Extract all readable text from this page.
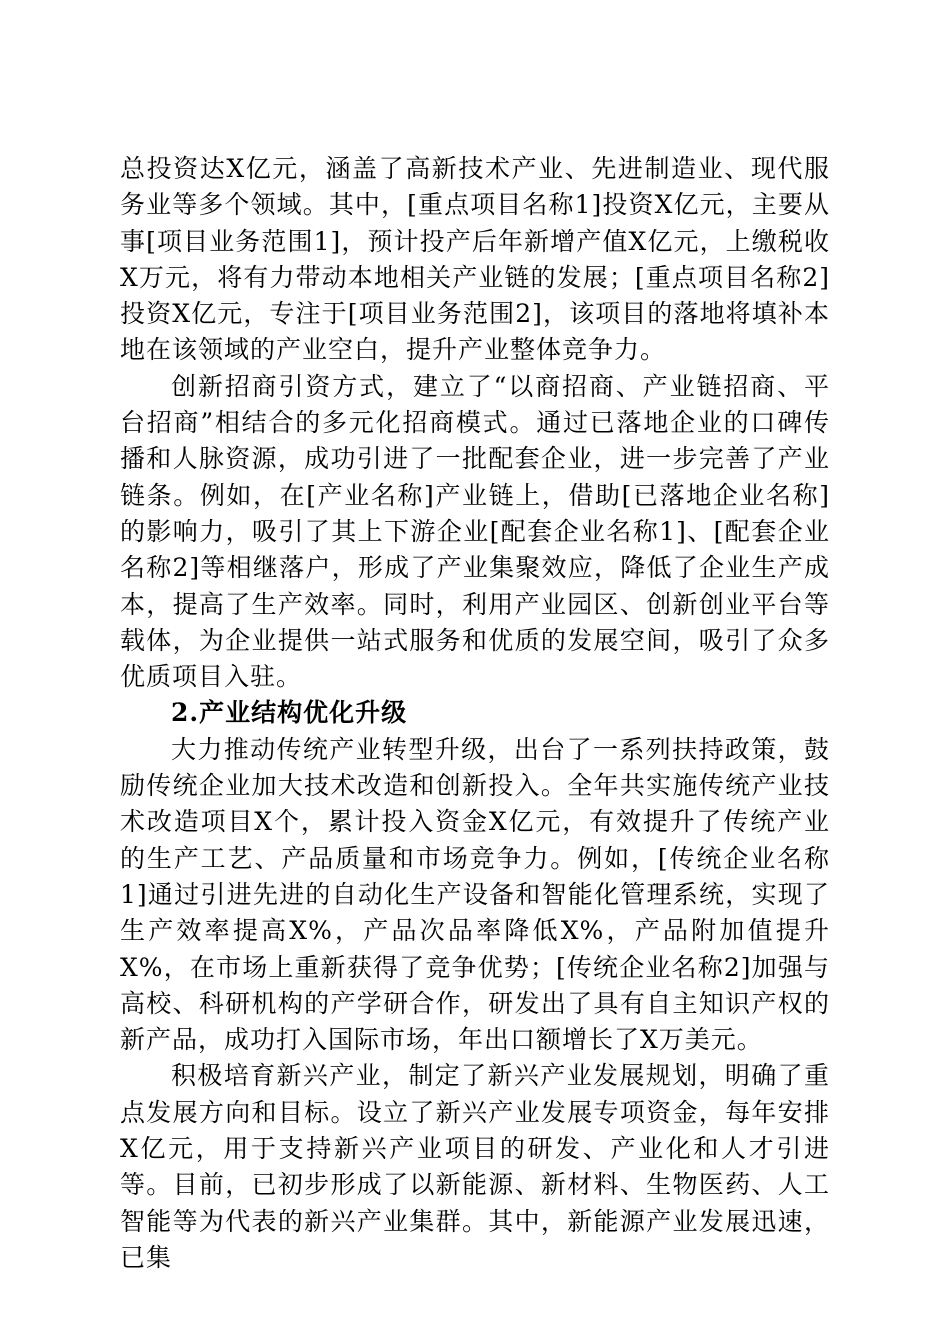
总投资达X亿元，涵盖了高新技术产业、先进制造业、现代服务业等多个领域。其中，[重点项目名称1]投资X亿元，主要从事[项目业务范围1]，预计投产后年新增产值X亿元，上缴税收X万元，将有力带动本地相关产业链的发展；[重点项目名称2]投资X亿元，专注于[项目业务范围2]，该项目的落地将填补本地在该领域的产业空白，提升产业整体竞争力。

创新招商引资方式，建立了“以商招商、产业链招商、平台招商”相结合的多元化招商模式。通过已落地企业的口碑传播和人脉资源，成功引进了一批配套企业，进一步完善了产业链条。例如，在[产业名称]产业链上，借助[已落地企业名称]的影响力，吸引了其上下游企业[配套企业名称1]、[配套企业名称2]等相继落户，形成了产业集聚效应，降低了企业生产成本，提高了生产效率。同时，利用产业园区、创新创业平台等载体，为企业提供一站式服务和优质的发展空间，吸引了众多优质项目入驻。

2.产业结构优化升级

大力推动传统产业转型升级，出台了一系列扶持政策，鼓励传统企业加大技术改造和创新投入。全年共实施传统产业技术改造项目X个，累计投入资金X亿元，有效提升了传统产业的生产工艺、产品质量和市场竞争力。例如，[传统企业名称1]通过引进先进的自动化生产设备和智能化管理系统，实现了生产效率提高X%，产品次品率降低X%，产品附加值提升X%，在市场上重新获得了竞争优势；[传统企业名称2]加强与高校、科研机构的产学研合作，研发出了具有自主知识产权的新产品，成功打入国际市场，年出口额增长了X万美元。

积极培育新兴产业，制定了新兴产业发展规划，明确了重点发展方向和目标。设立了新兴产业发展专项资金，每年安排X亿元，用于支持新兴产业项目的研发、产业化和人才引进等。目前，已初步形成了以新能源、新材料、生物医药、人工智能等为代表的新兴产业集群。其中，新能源产业发展迅速，已集
